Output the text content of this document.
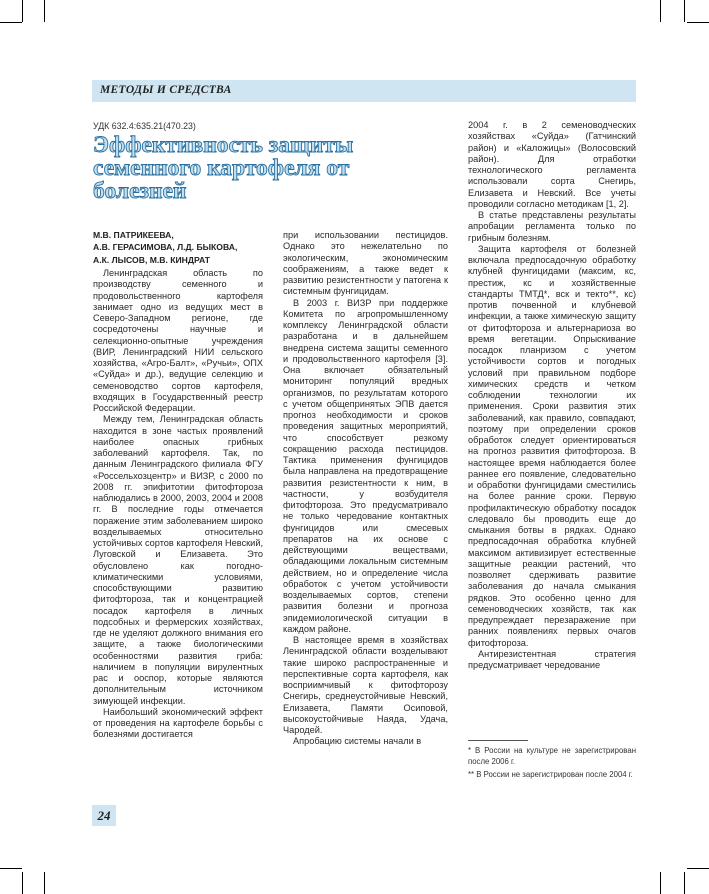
МЕТОДЫ И СРЕДСТВА
УДК 632.4:635.21(470.23)
Эффективность защиты семенного картофеля от болезней
М.В. ПАТРИКЕЕВА,
А.В. ГЕРАСИМОВА, Л.Д. БЫКОВА,
А.К. ЛЫСОВ, М.В. КИНДРАТ

Ленинградская область по производству семенного и продовольственного картофеля занимает одно из ведущих мест в Северо-Западном регионе, где сосредоточены научные и селекционно-опытные учреждения (ВИР, Ленинградский НИИ сельского хозяйства, «Агро-Балт», «Ручьи», ОПХ «Суйда» и др.), ведущие селекцию и семеноводство сортов картофеля, входящих в Государственный реестр Российской Федерации.

Между тем, Ленинградская область находится в зоне частых проявлений наиболее опасных грибных заболеваний картофеля. Так, по данным Ленинградского филиала ФГУ «Россельхозцентр» и ВИЗР, с 2000 по 2008 гг. эпифитотии фитофтороза наблюдались в 2000, 2003, 2004 и 2008 гг. В последние годы отмечается поражение этим заболеванием широко возделываемых относительно устойчивых сортов картофеля Невский, Луговской и Елизавета. Это обусловлено как погодно-климатическими условиями, способствующими развитию фитофтороза, так и концентрацией посадок картофеля в личных подсобных и фермерских хозяйствах, где не уделяют должного внимания его защите, а также биологическими особенностями развития гриба: наличием в популяции вирулентных рас и ооспор, которые являются дополнительным источником зимующей инфекции.

Наибольший экономический эффект от проведения на картофеле борьбы с болезнями достигается

при использовании пестицидов. Однако это нежелательно по экологическим, экономическим соображениям, а также ведет к развитию резистентности у патогена к системным фунгицидам.

В 2003 г. ВИЗР при поддержке Комитета по агропромышленному комплексу Ленинградской области разработана и в дальнейшем внедрена система защиты семенного и продовольственного картофеля [3]. Она включает обязательный мониторинг популяций вредных организмов, по результатам которого с учетом общепринятых ЭПВ дается прогноз необходимости и сроков проведения защитных мероприятий, что способствует резкому сокращению расхода пестицидов. Тактика применения фунгицидов была направлена на предотвращение развития резистентности к ним, в частности, у возбудителя фитофтороза. Это предусматривало не только чередование контактных фунгицидов или смесевых препаратов на их основе с действующими веществами, обладающими локальным системным действием, но и определение числа обработок с учетом устойчивости возделываемых сортов, степени развития болезни и прогноза эпидемиологической ситуации в каждом районе.

В настоящее время в хозяйствах Ленинградской области возделывают такие широко распространенные и перспективные сорта картофеля, как восприимчивый к фитофторозу Снегирь, среднеустойчивые Невский, Елизавета, Памяти Осиповой, высокоустойчивые Наяда, Удача, Чародей.

Апробацию системы начали в

2004 г. в 2 семеноводческих хозяйствах «Суйда» (Гатчинский район) и «Каложицы» (Волосовский район). Для отработки технологического регламента использовали сорта Снегирь, Елизавета и Невский. Все учеты проводили согласно методикам [1, 2].

В статье представлены результаты апробации регламента только по грибным болезням.

Защита картофеля от болезней включала предпосадочную обработку клубней фунгицидами (максим, кс, престиж, кс и хозяйственные стандарты ТМТД*, вск и текто**, кс) против почвенной и клубневой инфекции, а также химическую защиту от фитофтороза и альтернариоза во время вегетации. Опрыскивание посадок планризом с учетом устойчивости сортов и погодных условий при правильном подборе химических средств и четком соблюдении технологии их применения. Сроки развития этих заболеваний, как правило, совпадают, поэтому при определении сроков обработок следует ориентироваться на прогноз развития фитофтороза. В настоящее время наблюдается более раннее его появление, следовательно и обработки фунгицидами сместились на более ранние сроки. Первую профилактическую обработку посадок следовало бы проводить еще до смыкания ботвы в рядках. Однако предпосадочная обработка клубней максимом активизирует естественные защитные реакции растений, что позволяет сдерживать развитие заболевания до начала смыкания рядков. Это особенно ценно для семеноводческих хозяйств, так как предупреждает перезаражение при ранних появлениях первых очагов фитофтороза.

Антирезистентная стратегия предусматривает чередование

* В России на культуре не зарегистрирован после 2006 г.

** В России не зарегистрирован после 2004 г.

24
